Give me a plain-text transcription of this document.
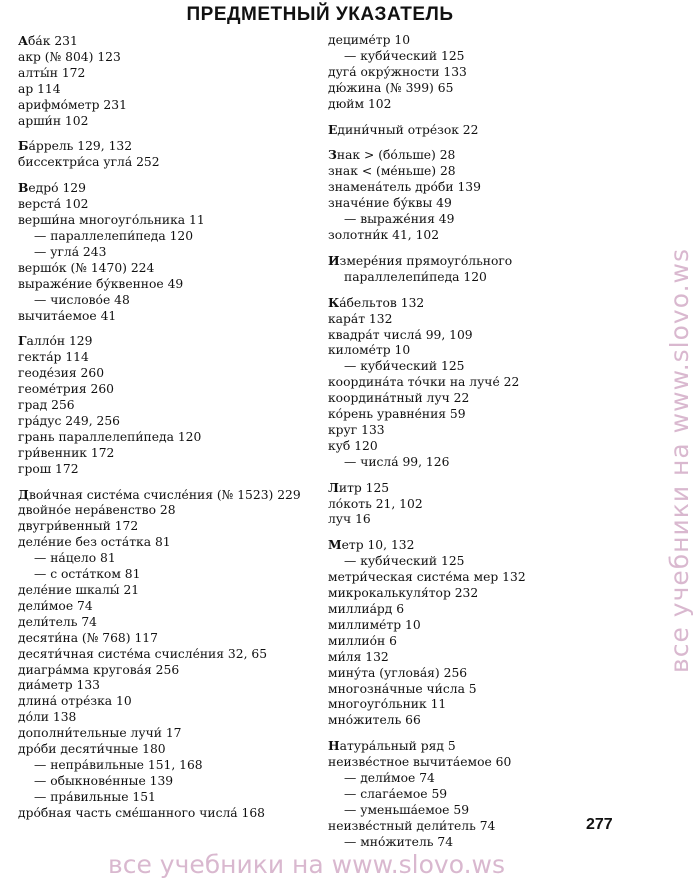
ПРЕДМЕТНЫЙ УКАЗАТЕЛЬ
Аба́к 231
акр (№ 804) 123
алты́н 172
ар 114
арифмо́метр 231
арши́н 102
Ба́ррель 129, 132
биссектри́са угла́ 252
Ведро́ 129
верста́ 102
верши́на многоуго́льника 11
— параллелепи́педа 120
— угла́ 243
вершо́к (№ 1470) 224
выраже́ние бу́квенное 49
— числово́е 48
вычита́емое 41
Галло́н 129
гекта́р 114
геоде́зия 260
геоме́трия 260
град 256
гра́дус 249, 256
грань параллелепи́педа 120
гри́венник 172
грош 172
Двои́чная систе́ма счисле́ния (№ 1523) 229
двойно́е нера́венство 28
двугри́венный 172
деле́ние без оста́тка 81
— на́цело 81
— с оста́тком 81
деле́ние шкалы́ 21
дели́мое 74
дели́тель 74
десяти́на (№ 768) 117
десяти́чная систе́ма счисле́ния 32, 65
диагра́мма кругова́я 256
диа́метр 133
длина́ отре́зка 10
до́ли 138
дополни́тельные лучи́ 17
дро́би десяти́чные 180
— непра́вильные 151, 168
— обыкнове́нные 139
— пра́вильные 151
дро́бная часть сме́шанного числа́ 168
дециме́тр 10
— куби́ческий 125
дуга́ окру́жности 133
дю́жина (№ 399) 65
дюйм 102
Едини́чный отре́зок 22
Знак > (бо́льше) 28
знак < (ме́ньше) 28
знамена́тель дро́би 139
значе́ние бу́квы 49
— выраже́ния 49
золотни́к 41, 102
Измере́ния прямоуго́льного
параллелепи́педа 120
Ка́бельтов 132
кара́т 132
квадра́т числа́ 99, 109
киломе́тр 10
— куби́ческий 125
координа́та то́чки на луче́ 22
координа́тный луч 22
ко́рень уравне́ния 59
круг 133
куб 120
— числа́ 99, 126
Литр 125
ло́коть 21, 102
луч 16
Метр 10, 132
— куби́ческий 125
метри́ческая систе́ма мер 132
микрокалькуля́тор 232
миллиа́рд 6
миллиме́тр 10
миллио́н 6
ми́ля 132
мину́та (углова́я) 256
многозна́чные чи́сла 5
многоуго́льник 11
мно́житель 66
Натура́льный ряд 5
неизве́стное вычита́емое 60
— дели́мое 74
— слага́емое 59
— уменьша́емое 59
неизве́стный дели́тель 74
— мно́житель 74
277
все учебники на www.slovo.ws
все учебники на www.slovo.ws
